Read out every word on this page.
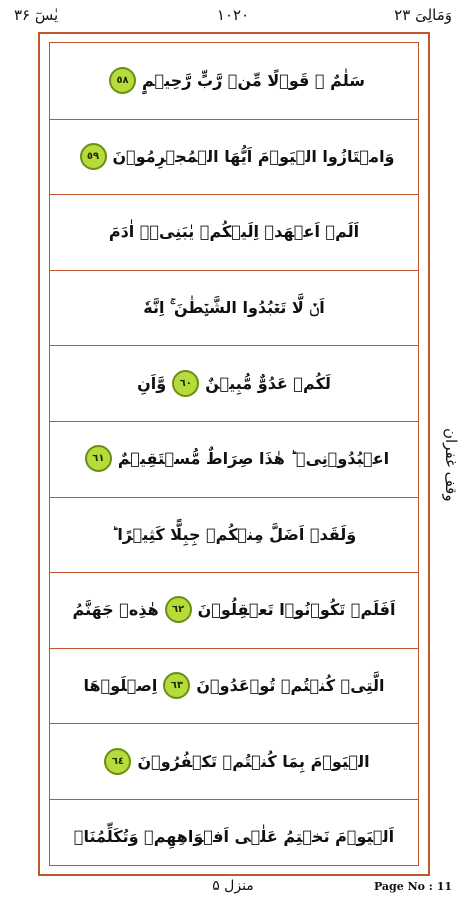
یٰسٓ ۳۶	۱۰۲۰	وَمَالِیَ ۲۳
سَلٰمٌ ۟ قَوۡلًا مِّنۡ رَّبٍّ رَّحِیۡمٍ
٥٨
وَامۡتَازُوا الۡیَوۡمَ اَیُّهَا الۡمُجۡرِمُوۡنَ
٥٩
اَلَمۡ اَعۡهَدۡ اِلَیۡكُمۡ یٰبَنِیۡۤ اٰدَمَ
اَنۡ لَّا تَعۡبُدُوا الشَّیۡطٰنَ ۚ اِنَّهٗ
لَكُمۡ عَدُوٌّ مُّبِیۡنٌ
٦٠
وَّاَنِ
اعۡبُدُوۡنِیۡ ؕ هٰذَا صِرَاطٌ مُّسۡتَقِیۡمٌ
٦١
وَلَقَدۡ اَضَلَّ مِنۡكُمۡ جِبِلًّا كَثِیۡرًا ؕ
اَفَلَمۡ تَكُوۡنُوۡا تَعۡقِلُوۡنَ
٦٢
هٰذِهٖ جَهَنَّمُ
الَّتِیۡ كُنۡتُمۡ تُوۡعَدُوۡنَ
٦٣
اِصۡلَوۡهَا
الۡیَوۡمَ بِمَا كُنۡتُمۡ تَكۡفُرُوۡنَ
٦٤
اَلۡیَوۡمَ نَخۡتِمُ عَلٰۤی اَفۡوَاهِهِمۡ وَتُكَلِّمُنَاۤ
وقف غفران
منزل ۵	Page No : 11
